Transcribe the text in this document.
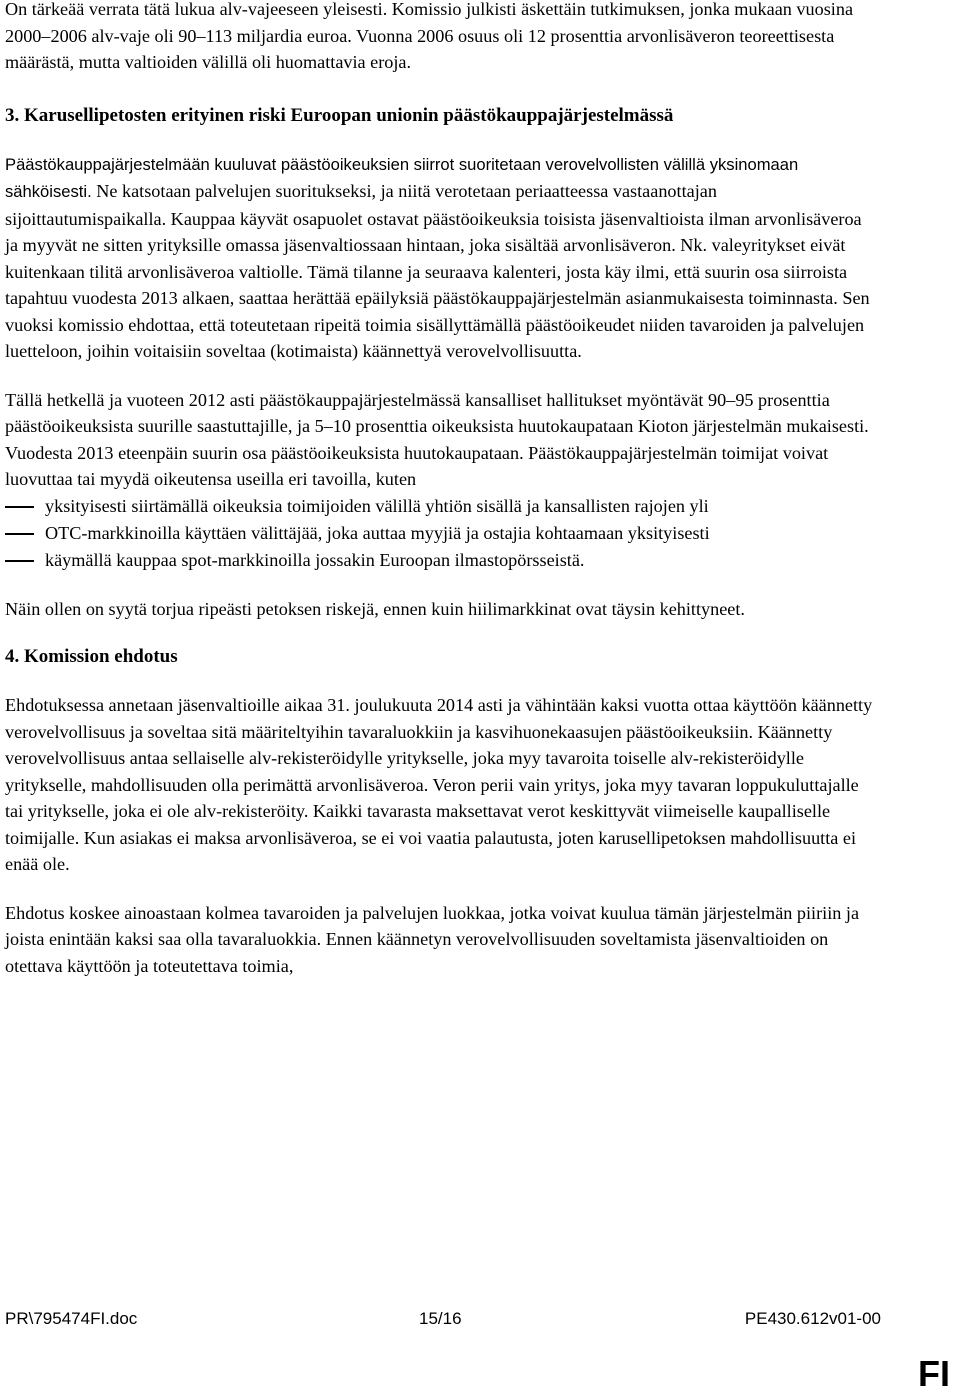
On tärkeää verrata tätä lukua alv-vajeeseen yleisesti. Komissio julkisti äskettäin tutkimuksen, jonka mukaan vuosina 2000–2006 alv-vaje oli 90–113 miljardia euroa. Vuonna 2006 osuus oli 12 prosenttia arvonlisäveron teoreettisesta määrästä, mutta valtioiden välillä oli huomattavia eroja.

3. Karusellipetosten erityinen riski Euroopan unionin päästökauppajärjestelmässä

Päästökauppajärjestelmään kuuluvat päästöoikeuksien siirrot suoritetaan verovelvollisten välillä yksinomaan sähköisesti. Ne katsotaan palvelujen suoritukseksi, ja niitä verotetaan periaatteessa vastaanottajan sijoittautumispaikalla. Kauppaa käyvät osapuolet ostavat päästöoikeuksia toisista jäsenvaltioista ilman arvonlisäveroa ja myyvät ne sitten yrityksille omassa jäsenvaltiossaan hintaan, joka sisältää arvonlisäveron. Nk. valeyritykset eivät kuitenkaan tilitä arvonlisäveroa valtiolle. Tämä tilanne ja seuraava kalenteri, josta käy ilmi, että suurin osa siirroista tapahtuu vuodesta 2013 alkaen, saattaa herättää epäilyksiä päästökauppajärjestelmän asianmukaisesta toiminnasta. Sen vuoksi komissio ehdottaa, että toteutetaan ripeitä toimia sisällyttämällä päästöoikeudet niiden tavaroiden ja palvelujen luetteloon, joihin voitaisiin soveltaa (kotimaista) käännettyä verovelvollisuutta.

Tällä hetkellä ja vuoteen 2012 asti päästökauppajärjestelmässä kansalliset hallitukset myöntävät 90–95 prosenttia päästöoikeuksista suurille saastuttajille, ja 5–10 prosenttia oikeuksista huutokaupataan Kioton järjestelmän mukaisesti. Vuodesta 2013 eteenpäin suurin osa päästöoikeuksista huutokaupataan. Päästökauppajärjestelmän toimijat voivat luovuttaa tai myydä oikeutensa useilla eri tavoilla, kuten

yksityisesti siirtämällä oikeuksia toimijoiden välillä yhtiön sisällä ja kansallisten rajojen yli
OTC-markkinoilla käyttäen välittäjää, joka auttaa myyjiä ja ostajia kohtaamaan yksityisesti
käymällä kauppaa spot-markkinoilla jossakin Euroopan ilmastopörsseistä.

Näin ollen on syytä torjua ripeästi petoksen riskejä, ennen kuin hiilimarkkinat ovat täysin kehittyneet.

4. Komission ehdotus

Ehdotuksessa annetaan jäsenvaltioille aikaa 31. joulukuuta 2014 asti ja vähintään kaksi vuotta ottaa käyttöön käännetty verovelvollisuus ja soveltaa sitä määriteltyihin tavaraluokkiin ja kasvihuonekaasujen päästöoikeuksiin. Käännetty verovelvollisuus antaa sellaiselle alv-rekisteröidylle yritykselle, joka myy tavaroita toiselle alv-rekisteröidylle yritykselle, mahdollisuuden olla perimättä arvonlisäveroa. Veron perii vain yritys, joka myy tavaran loppukuluttajalle tai yritykselle, joka ei ole alv-rekisteröity. Kaikki tavarasta maksettavat verot keskittyvät viimeiselle kaupalliselle toimijalle. Kun asiakas ei maksa arvonlisäveroa, se ei voi vaatia palautusta, joten karusellipetoksen mahdollisuutta ei enää ole.

Ehdotus koskee ainoastaan kolmea tavaroiden ja palvelujen luokkaa, jotka voivat kuulua tämän järjestelmän piiriin ja joista enintään kaksi saa olla tavaraluokkia. Ennen käännetyn verovelvollisuuden soveltamista jäsenvaltioiden on otettava käyttöön ja toteutettava toimia,

PR\795474FI.doc	15/16	PE430.612v01-00
FI
